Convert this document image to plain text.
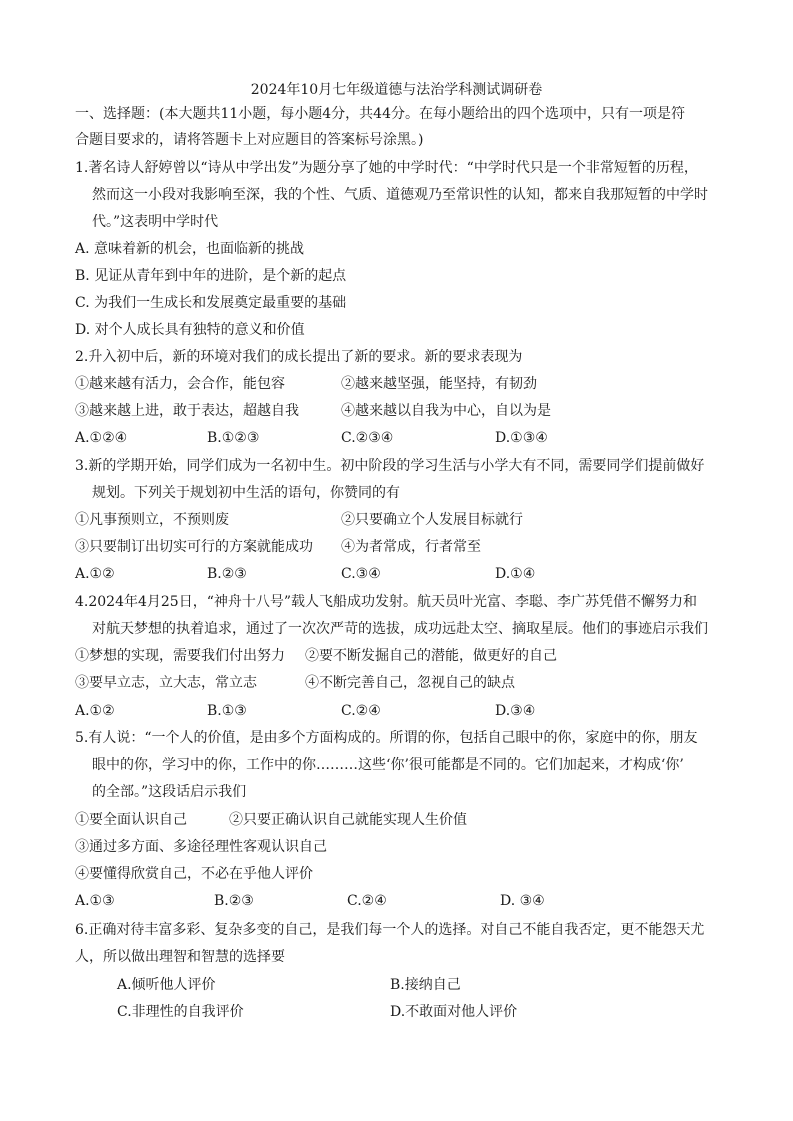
2024年10月七年级道德与法治学科测试调研卷
一、选择题：(本大题共11小题，每小题4分，共44分。在每小题给出的四个选项中，只有一项是符
合题目要求的，请将答题卡上对应题目的答案标号涂黑。)
1.著名诗人舒婷曾以“诗从中学出发”为题分享了她的中学时代：“中学时代只是一个非常短暂的历程，
然而这一小段对我影响至深，我的个性、气质、道德观乃至常识性的认知，都来自我那短暂的中学时
代。”这表明中学时代
A. 意味着新的机会，也面临新的挑战
B. 见证从青年到中年的进阶，是个新的起点
C. 为我们一生成长和发展奠定最重要的基础
D. 对个人成长具有独特的意义和价值
2.升入初中后，新的环境对我们的成长提出了新的要求。新的要求表现为
①越来越有活力，会合作，能包容	②越来越坚强，能坚持，有韧劲
③越来越上进，敢于表达，超越自我	④越来越以自我为中心，自以为是
A.①②④	B.①②③	C.②③④	D.①③④
3.新的学期开始，同学们成为一名初中生。初中阶段的学习生活与小学大有不同，需要同学们提前做好
规划。下列关于规划初中生活的语句，你赞同的有
①凡事预则立，不预则废	②只要确立个人发展目标就行
③只要制订出切实可行的方案就能成功 ④为者常成，行者常至
A.①②	B.②③	C.③④	D.①④
4.2024年4月25日，“神舟十八号”载人飞船成功发射。航天员叶光富、李聪、李广苏凭借不懈努力和
对航天梦想的执着追求，通过了一次次严苛的选拔，成功远赴太空、摘取星辰。他们的事迹启示我们
①梦想的实现，需要我们付出努力 ②要不断发掘自己的潜能，做更好的自己
③要早立志，立大志，常立志	④不断完善自己，忽视自己的缺点
A.①②	B.①③	C.②④	D.③④
5.有人说：“一个人的价值，是由多个方面构成的。所谓的你，包括自己眼中的你，家庭中的你，朋友
眼中的你，学习中的你，工作中的你………这些‘你’很可能都是不同的。它们加起来，才构成‘你’
的全部。”这段话启示我们
①要全面认识自己	②只要正确认识自己就能实现人生价值
③通过多方面、多途径理性客观认识自己
④要懂得欣赏自己，不必在乎他人评价
A.①③	B.②③	C.②④	D. ③④
6.正确对待丰富多彩、复杂多变的自己，是我们每一个人的选择。对自己不能自我否定，更不能怨天尤
人，所以做出理智和智慧的选择要
A.倾听他人评价	B.接纳自己
C.非理性的自我评价	D.不敢面对他人评价
